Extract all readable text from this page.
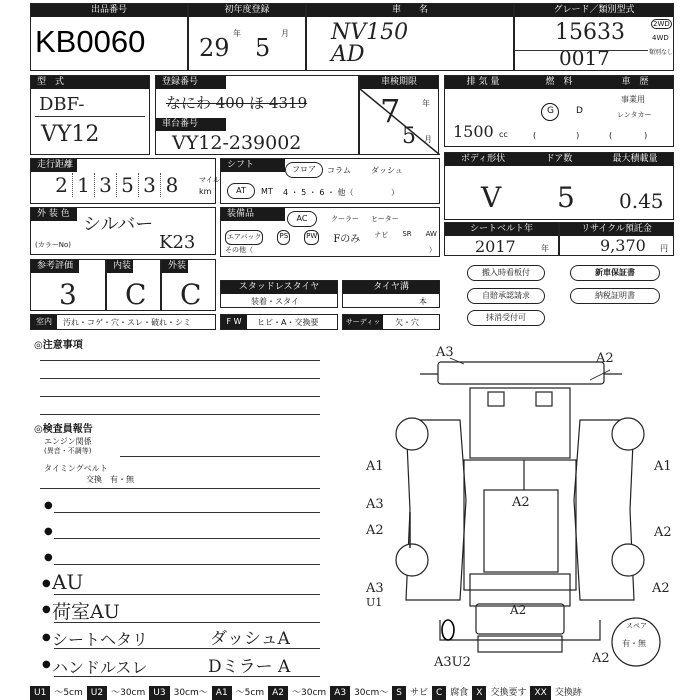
出品番号
KB0060
初年度登録
29
年
5
月
車　　名
NV150 AD
グレード／類別型式
15633
0017
2WD
4WD
類別なし
型　式
DBF-
VY12
登録番号
なにわ 400 ほ 4319
車台番号
VY12-239002
車検期限
7	年
5 月
排 気 量	燃　料	車　歴
1500 cc
G D
(　　　　　)
事業用
レンタカー
(　　　　)
走行距離
2 1 3 5 3 8	マイル
km
シフト	フロア	コラム	ダッシュ
AT	MT 4 ・ 5 ・ 6 ・ 他（	）
ボディ形状	ドア数	最大積載量
V 5 0.45
外 装 色 シルバー
(カラーNo)	K23
装備品	AC	クーラー ヒーター
エアバック	PS	PW Fのみ ナビ SR AW
その他（	）
シートベルト年
2017	年
リサイクル預託金
9,370 円
参考評価点 3
内装
C
外装
C	スタッドレスタイヤ
装着・スタイ
タイヤ溝
本
搬入時看板付	新車保証書
自賠承認請求	納税証明書
抹消受付可
室内	汚れ・コゲ・穴・スレ・破れ・シミ	F W	ヒビ・A・交換要	サーディッキ
欠・穴
◎注意事項
◎検査員報告
エンジン関係
(異音・不調等)
タイミングベルト
交換　有・無
●
●
●
● AU
● 荷室AU
● シートヘタリ	ダッシュA
● ハンドルスレ	Dミラー A
A3	A2
A1	A1
A3	A2
A2	A2
A3
U1
A2
A3U2	A2
A2
スペア
有・無
U1 ～5cm U2 ～30cm U3 30cm～ A1 ～5cm A2 ～30cm A3 30cm～ S サビ C 腐食 X 交換要す XX 交換跡
